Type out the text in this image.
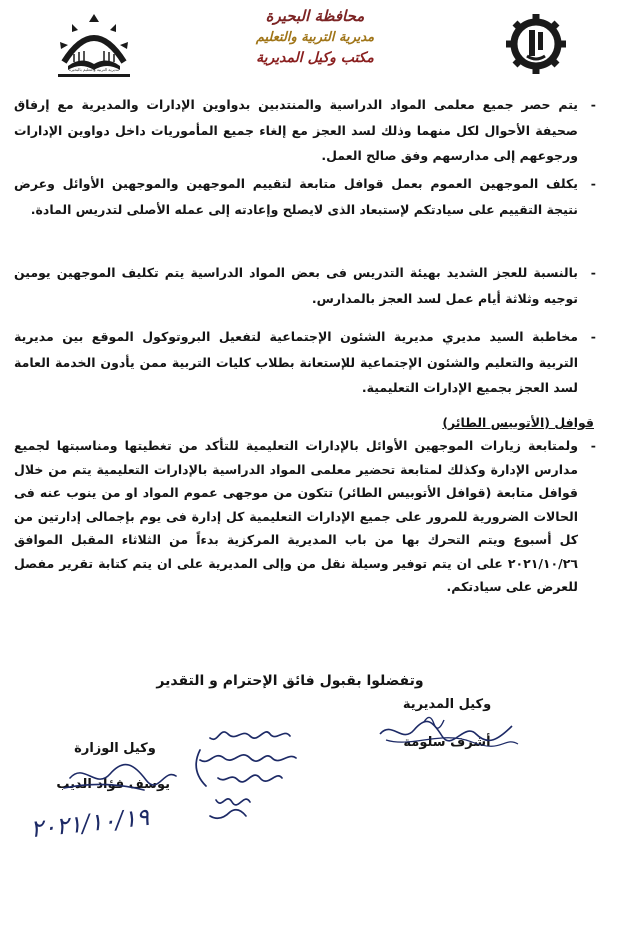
محافظة البحيرة
مديرية التربية والتعليم
مكتب وكيل المديرية
مديرية التربية والتعليم بالبحيرة

-
يتم حصر جميع معلمى المواد الدراسية والمنتدبين بدواوين الإدارات والمديرية مع إرفاق صحيفة الأحوال لكل منهما وذلك لسد العجز مع إلغاء جميع المأموريات داخل دواوين الإدارات ورجوعهم إلى مدارسهم وفق صالح العمل.

-
يكلف الموجهين العموم بعمل قوافل متابعة لتقييم الموجهين والموجهين الأوائل وعرض نتيجة التقييم على سيادتكم لإستبعاد الذى لايصلح وإعادته إلى عمله الأصلى لتدريس المادة.

-
بالنسبة للعجز الشديد بهيئة التدريس فى بعض المواد الدراسية يتم تكليف الموجهين يومين توجيه وثلاثة أيام عمل لسد العجز بالمدارس.

-
مخاطبة السيد مديري مديرية الشئون الإجتماعية لتفعيل البروتوكول الموقع بين مديرية التربية والتعليم والشئون الإجتماعية للإستعانة بطلاب كليات التربية ممن يأدون الخدمة العامة لسد العجز بجميع الإدارات التعليمية.

قوافل (الأتوبيس الطائر)

-
ولمتابعة زيارات الموجهين الأوائل بالإدارات التعليمية للتأكد من تغطيتها ومناسبتها لجميع مدارس الإدارة وكذلك لمتابعة تحضير معلمى المواد الدراسية بالإدارات التعليمية يتم من خلال قوافل متابعة (قوافل الأتوبيس الطائر) تتكون من موجهى عموم المواد او من ينوب عنه فى الحالات الضرورية للمرور على جميع الإدارات التعليمية كل إدارة فى يوم بإجمالى إدارتين من كل أسبوع ويتم التحرك بها من باب المديرية المركزية بدءاً من الثلاثاء المقبل الموافق ٢٠٢١/١٠/٢٦ على ان يتم توفير وسيلة نقل من وإلى المديرية على ان يتم كتابة تقرير مفصل للعرض على سيادتكم.

وتفضلوا بقبول فائق الإحترام و التقدير
وكيل المديرية
أشرف سلومة
وكيل الوزارة
يوسف فؤاد الديب
٢٠٢١/١٠/١٩
